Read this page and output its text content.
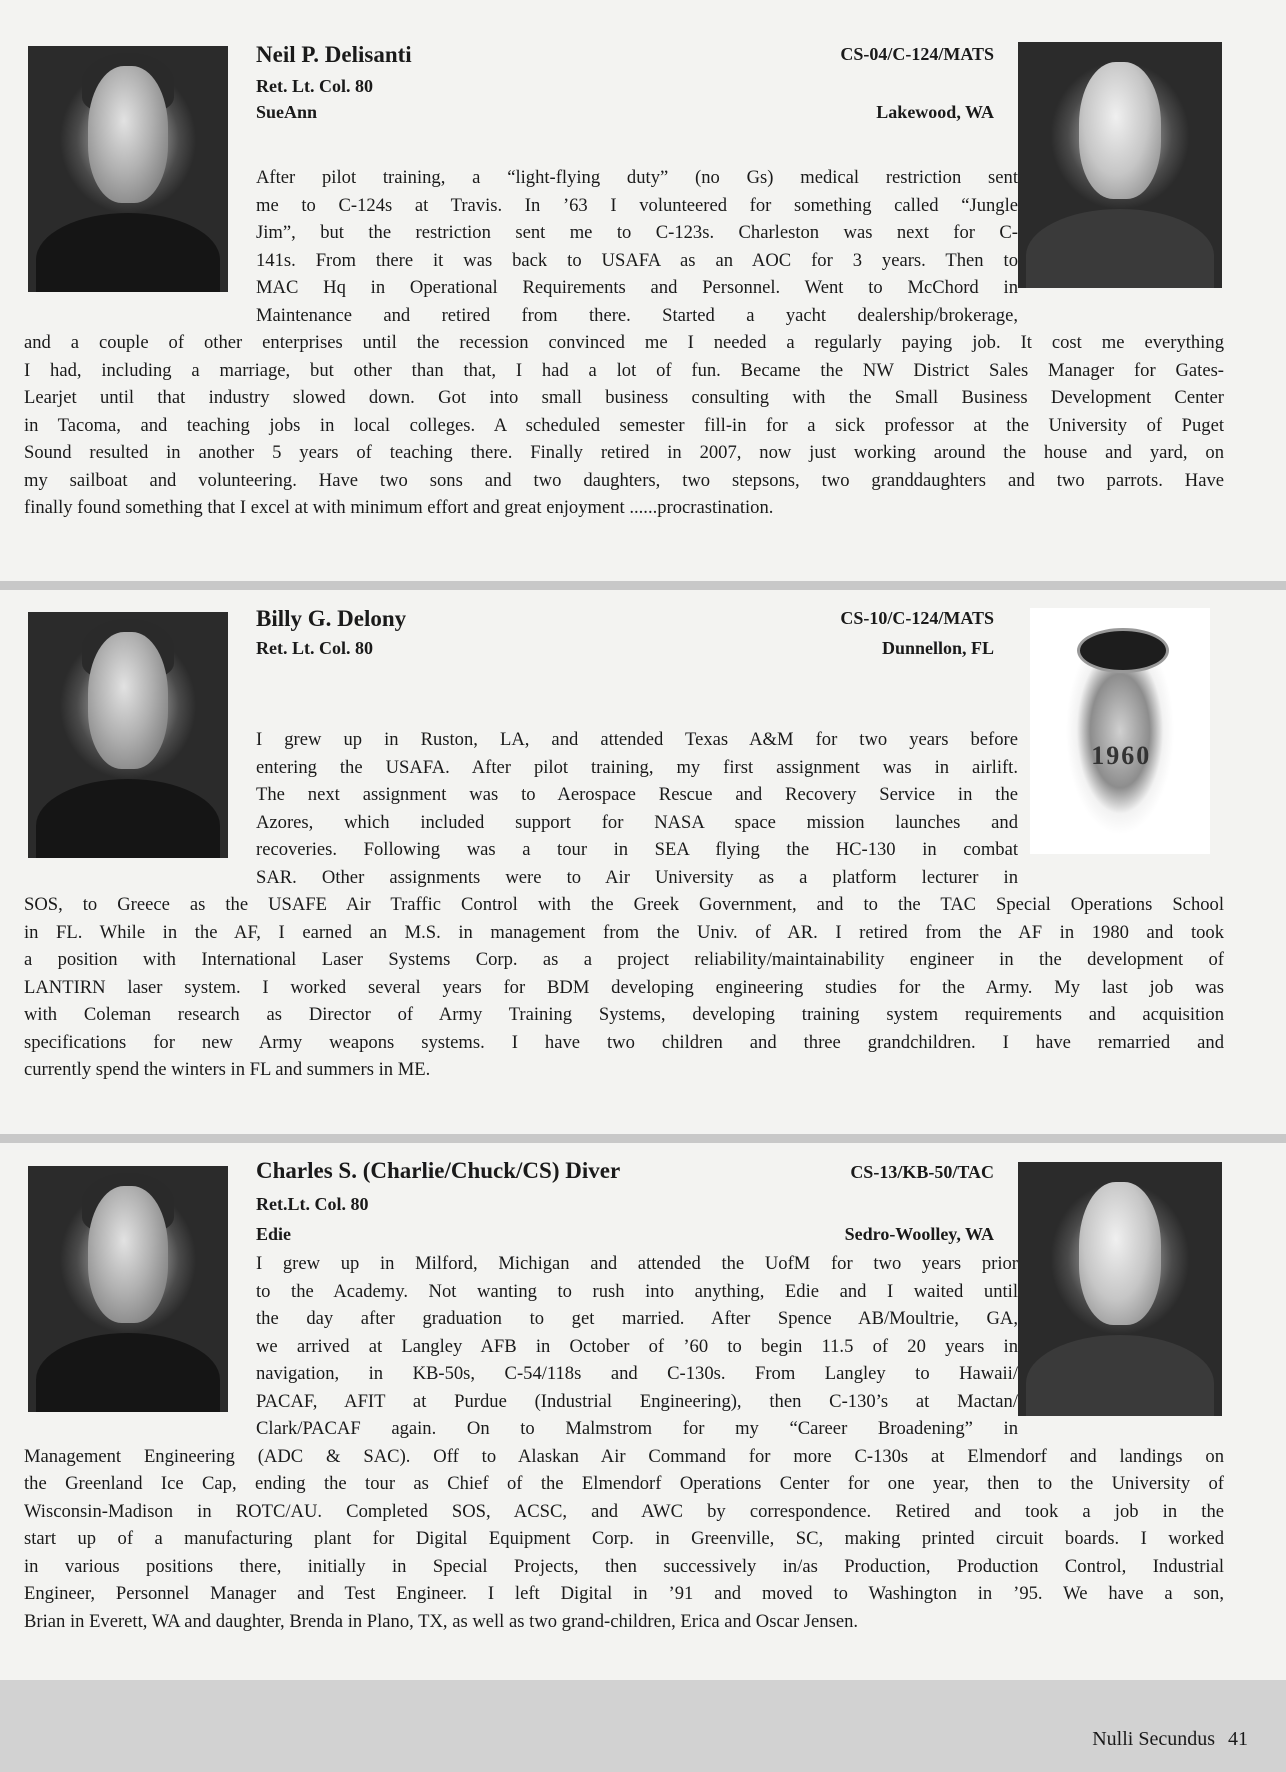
Neil P. Delisanti
Ret. Lt. Col. 80
SueAnn
CS-04/C-124/MATS
Lakewood, WA
After pilot training, a “light-flying duty” (no Gs) medical restriction sent
me to C-124s at Travis. In ’63 I volunteered for something called “Jungle
Jim”, but the restriction sent me to C-123s. Charleston was next for C-
141s. From there it was back to USAFA as an AOC for 3 years. Then to
MAC Hq in Operational Requirements and Personnel. Went to McChord in
Maintenance and retired from there. Started a yacht dealership/brokerage,
and a couple of other enterprises until the recession convinced me I needed a regularly paying job. It cost me everything
I had, including a marriage, but other than that, I had a lot of fun. Became the NW District Sales Manager for Gates-
Learjet until that industry slowed down. Got into small business consulting with the Small Business Development Center
in Tacoma, and teaching jobs in local colleges. A scheduled semester fill-in for a sick professor at the University of Puget
Sound resulted in another 5 years of teaching there. Finally retired in 2007, now just working around the house and yard, on
my sailboat and volunteering. Have two sons and two daughters, two stepsons, two granddaughters and two parrots. Have
finally found something that I excel at with minimum effort and great enjoyment ......procrastination.
1960
Billy G. Delony
Ret. Lt. Col. 80
CS-10/C-124/MATS
Dunnellon, FL
I grew up in Ruston, LA, and attended Texas A&M for two years before
entering the USAFA. After pilot training, my first assignment was in airlift.
The next assignment was to Aerospace Rescue and Recovery Service in the
Azores, which included support for NASA space mission launches and
recoveries. Following was a tour in SEA flying the HC-130 in combat
SAR. Other assignments were to Air University as a platform lecturer in
SOS, to Greece as the USAFE Air Traffic Control with the Greek Government, and to the TAC Special Operations School
in FL. While in the AF, I earned an M.S. in management from the Univ. of AR. I retired from the AF in 1980 and took
a position with International Laser Systems Corp. as a project reliability/maintainability engineer in the development of
LANTIRN laser system. I worked several years for BDM developing engineering studies for the Army. My last job was
with Coleman research as Director of Army Training Systems, developing training system requirements and acquisition
specifications for new Army weapons systems. I have two children and three grandchildren. I have remarried and
currently spend the winters in FL and summers in ME.
Charles S. (Charlie/Chuck/CS) Diver
Ret.Lt. Col. 80
Edie
CS-13/KB-50/TAC
Sedro-Woolley, WA
I grew up in Milford, Michigan and attended the UofM for two years prior
to the Academy. Not wanting to rush into anything, Edie and I waited until
the day after graduation to get married. After Spence AB/Moultrie, GA,
we arrived at Langley AFB in October of ’60 to begin 11.5 of 20 years in
navigation, in KB-50s, C-54/118s and C-130s. From Langley to Hawaii/
PACAF, AFIT at Purdue (Industrial Engineering), then C-130’s at Mactan/
Clark/PACAF again. On to Malmstrom for my “Career Broadening” in
Management Engineering (ADC & SAC). Off to Alaskan Air Command for more C-130s at Elmendorf and landings on
the Greenland Ice Cap, ending the tour as Chief of the Elmendorf Operations Center for one year, then to the University of
Wisconsin-Madison in ROTC/AU. Completed SOS, ACSC, and AWC by correspondence. Retired and took a job in the
start up of a manufacturing plant for Digital Equipment Corp. in Greenville, SC, making printed circuit boards. I worked
in various positions there, initially in Special Projects, then successively in/as Production, Production Control, Industrial
Engineer, Personnel Manager and Test Engineer. I left Digital in ’91 and moved to Washington in ’95. We have a son,
Brian in Everett, WA and daughter, Brenda in Plano, TX, as well as two grand-children, Erica and Oscar Jensen.
Nulli Secundus 41
